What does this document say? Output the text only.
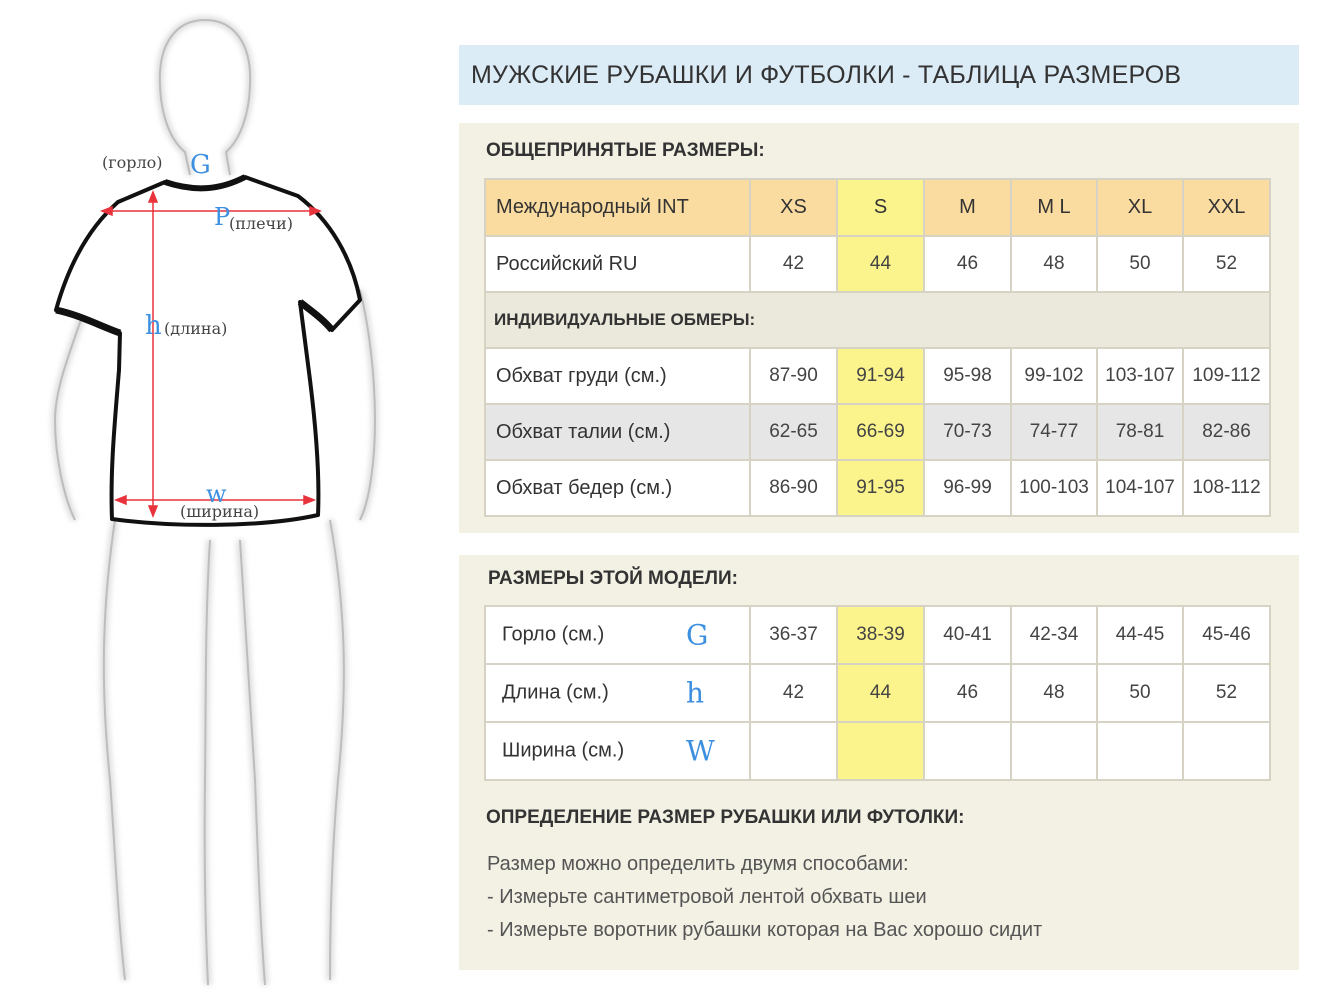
(горло) G
P
(плечи)
h (длина)
w
(ширина)
МУЖСКИЕ РУБАШКИ И ФУТБОЛКИ - ТАБЛИЦА РАЗМЕРОВ
ОБЩЕПРИНЯТЫЕ РАЗМЕРЫ:
Международный INT	XS	S	M	M L	XL	XXL
Российский RU	42	44	46	48	50	52
ИНДИВИДУАЛЬНЫЕ ОБМЕРЫ:						
Обхват груди (см.)	87-90	91-94	95-98	99-102	103-107	109-112
Обхват талии (см.)	62-65	66-69	70-73	74-77	78-81	82-86
Обхват бедер (см.)	86-90	91-95	96-99	100-103	104-107	108-112
РАЗМЕРЫ ЭТОЙ МОДЕЛИ:
Горло (см.) G	36-37	38-39	40-41	42-34	44-45	45-46

Длина (см.) h	42	44	46	48	50	52

Ширина (см.) W						

ОПРЕДЕЛЕНИЕ РАЗМЕР РУБАШКИ ИЛИ ФУТОЛКИ:
Размер можно определить двумя способами:
- Измерьте сантиметровой лентой обхвать шеи
- Измерьте воротник рубашки которая на Вас хорошо сидит
